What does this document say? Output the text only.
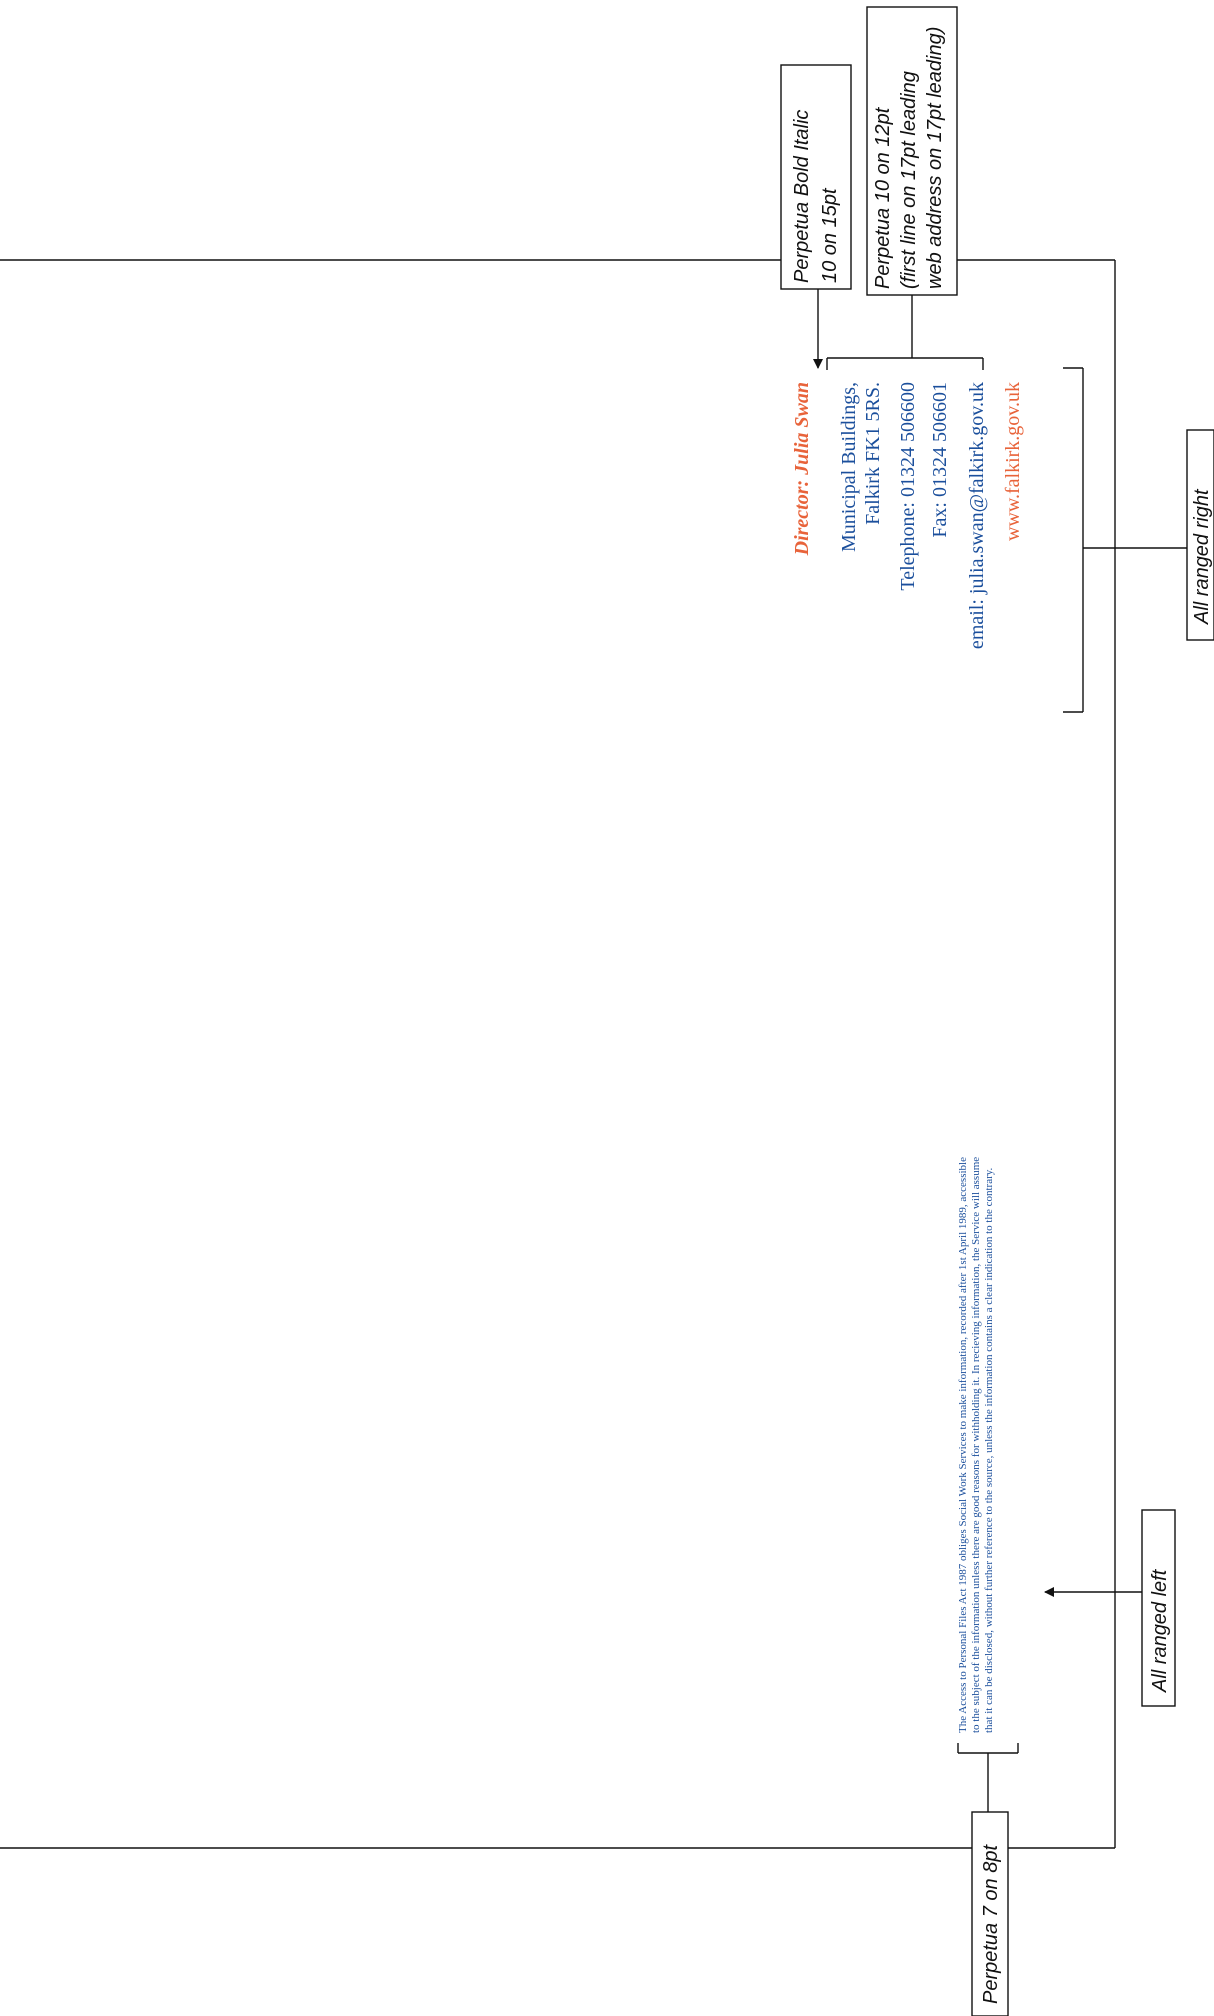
Perpetua Bold Italic 10 on 15pt Perpetua 10 on 12pt (first line on 17pt leading web address on 17pt leading)
Director: Julia Swan Municipal Buildings, Falkirk FK1 5RS. Telephone: 01324 506600 Fax: 01324 506601 email: julia.swan@falkirk.gov.uk www.falkirk.gov.uk
All ranged right
The Access to Personal Files Act 1987 obliges Social Work Services to make information, recorded after 1st April 1989, accessible to the subject of the information unless there are good reasons for withholding it. In recieving information, the Service will assume that it can be disclosed, without further reference to the source, unless the information contains a clear indication to the contrary.	All ranged left
Perpetua 7 on 8pt
